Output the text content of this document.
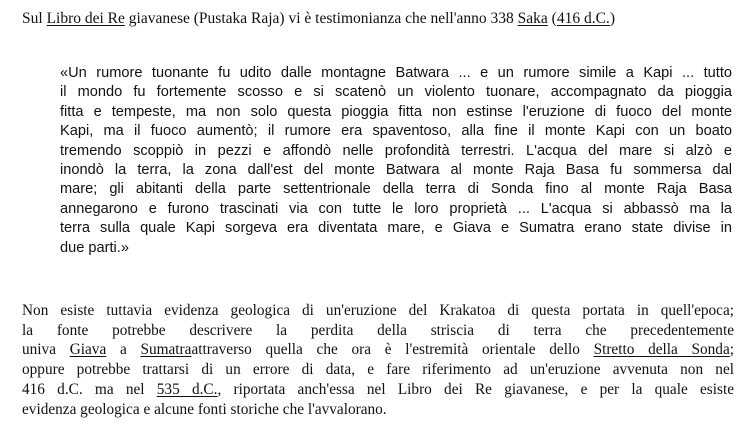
Sul Libro dei Re giavanese (Pustaka Raja) vi è testimonianza che nell'anno 338 Saka (416 d.C.)
«Un rumore tuonante fu udito dalle montagne Batwara ... e un rumore simile a Kapi ... tutto
il mondo fu fortemente scosso e si scatenò un violento tuonare, accompagnato da pioggia
fitta e tempeste, ma non solo questa pioggia fitta non estinse l'eruzione di fuoco del monte
Kapi, ma il fuoco aumentò; il rumore era spaventoso, alla fine il monte Kapi con un boato
tremendo scoppiò in pezzi e affondò nelle profondità terrestri. L'acqua del mare si alzò e
inondò la terra, la zona dall'est del monte Batwara al monte Raja Basa fu sommersa dal
mare; gli abitanti della parte settentrionale della terra di Sonda fino al monte Raja Basa
annegarono e furono trascinati via con tutte le loro proprietà ... L'acqua si abbassò ma la
terra sulla quale Kapi sorgeva era diventata mare, e Giava e Sumatra erano state divise in
due parti.»
Non esiste tuttavia evidenza geologica di un'eruzione del Krakatoa di questa portata in quell'epoca;
la fonte potrebbe descrivere la perdita della striscia di terra che precedentemente
univa Giava a Sumatraattraverso quella che ora è l'estremità orientale dello Stretto della Sonda;
oppure potrebbe trattarsi di un errore di data, e fare riferimento ad un'eruzione avvenuta non nel
416 d.C. ma nel 535 d.C., riportata anch'essa nel Libro dei Re giavanese, e per la quale esiste
evidenza geologica e alcune fonti storiche che l'avvalorano.
